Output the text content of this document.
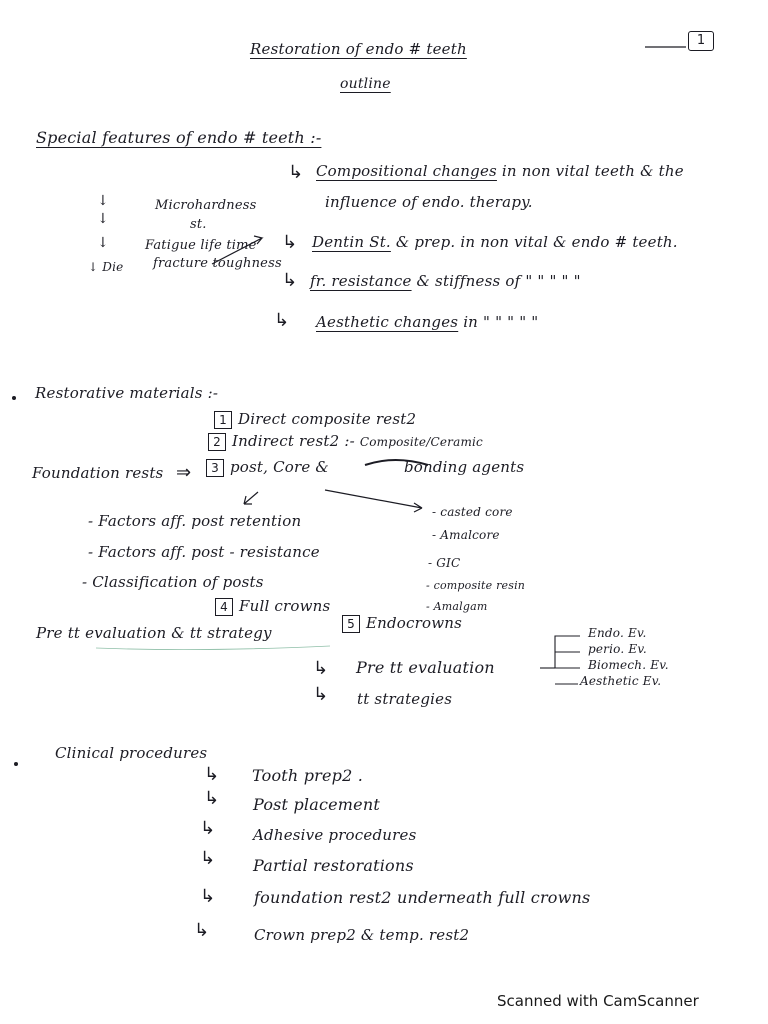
1
Restoration of endo # teeth
outline
Special features of endo # teeth :-
Microhardness
st.
Fatigue life time
fracture toughness
↓
↓
↓
↓ Die
↳ Compositional changes in non vital teeth & the
influence of endo. therapy.
↳ Dentin St. & prep. in non vital & endo # teeth.
↳ fr. resistance & stiffness of " " " " "
↳ Aesthetic changes in " " " " "
Restorative materials :-
1 Direct composite rest2
2 Indirect rest2 :- Composite/Ceramic
Foundation rests ⇒	3 post, Core &	bonding agents
- Factors aff. post retention
- Factors aff. post - resistance
- Classification of posts
- casted core
- Amalcore
- GIC
- composite resin
- Amalgam
4 Full crowns
5 Endocrowns
Pre tt evaluation & tt strategy
↳ Pre tt evaluation
↳ tt strategies
Endo. Ev.
perio. Ev.
Biomech. Ev.
Aesthetic Ev.
Clinical procedures
↳ Tooth prep2 .
↳ Post placement
↳	Adhesive procedures
↳ Partial restorations
↳ foundation rest2 underneath full crowns
↳	Crown prep2 & temp. rest2
Scanned with CamScanner
